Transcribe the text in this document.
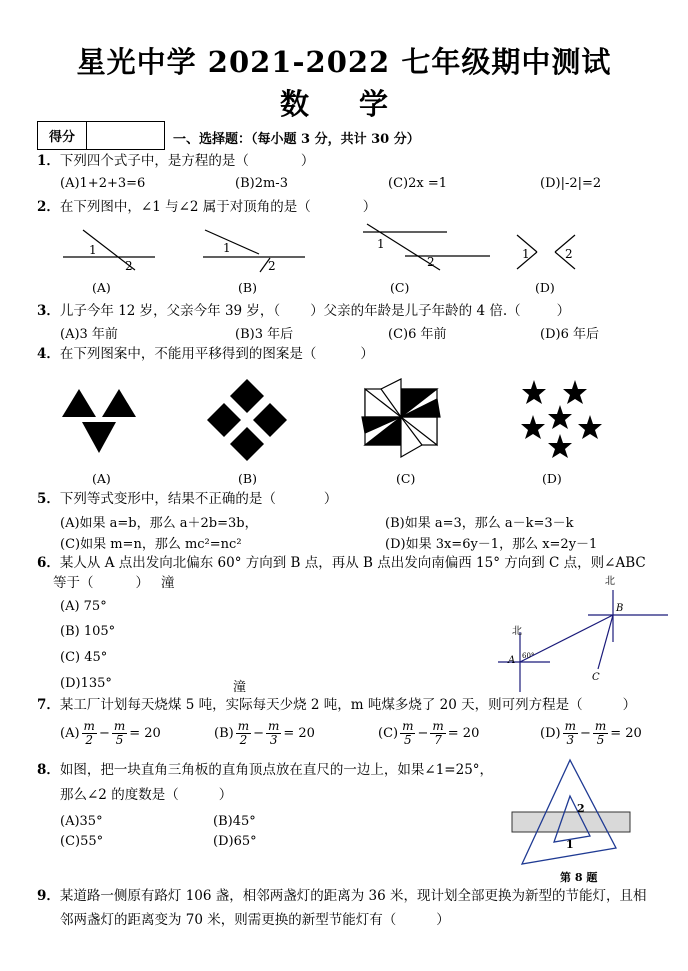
星光中学 2021-2022 七年级期中测试
数 学
得分	一、选择题：（每小题 3 分，共计 30 分）
1．下列四个式子中，是方程的是（	）
(A)1+2+3=6	(B)2m-3	(C)2x =1	(D)|-2|=2
2．在下列图中，∠1 与∠2 属于对顶角的是（	）
1
2
1
2
1
2
1	2
(A)	(B)	(C)	(D)
3．儿子今年 12 岁，父亲今年 39 岁，（ ）父亲的年龄是儿子年龄的 4 倍.（	）
(A)3 年前	(B)3 年后	(C)6 年前	(D)6 年后
4．在下列图案中，不能用平移得到的图案是（	）
(A)	(B)	(C)	(D)
5．下列等式变形中，结果不正确的是（	）
(A)如果 a=b，那么 a＋2b=3b，	(B)如果 a=3，那么 a－k=3－k
(C)如果 m=n，那么 mc²=nc²	(D)如果 3x=6y－1，那么 x=2y－1
6．某人从 A 点出发向北偏东 60° 方向到 B 点，再从 B 点出发向南偏西 15° 方向到 C 点，则∠ABC
等于（	） 潼
(A) 75°
(B) 105°
(C) 45°
(D)135°	潼
北
北
A
B
C
60°
7．某工厂计划每天烧煤 5 吨，实际每天少烧 2 吨，m 吨煤多烧了 20 天，则可列方程是（	）
$(A) \frac{m}{2} - \frac{m}{5} = 20$	$(B) \frac{m}{2} - \frac{m}{3} = 20$	$(C) \frac{m}{5} - \frac{m}{7} = 20$	$(D) \frac{m}{3} - \frac{m}{5} = 20$
8．如图，把一块直角三角板的直角顶点放在直尺的一边上，如果∠1=25°，
那么∠2 的度数是（	）
(A)35°	(B)45°
(C)55°	(D)65°
2
1
第 8 题
9．某道路一侧原有路灯 106 盏，相邻两盏灯的距离为 36 米，现计划全部更换为新型的节能灯，且相
邻两盏灯的距离变为 70 米，则需更换的新型节能灯有（	）
